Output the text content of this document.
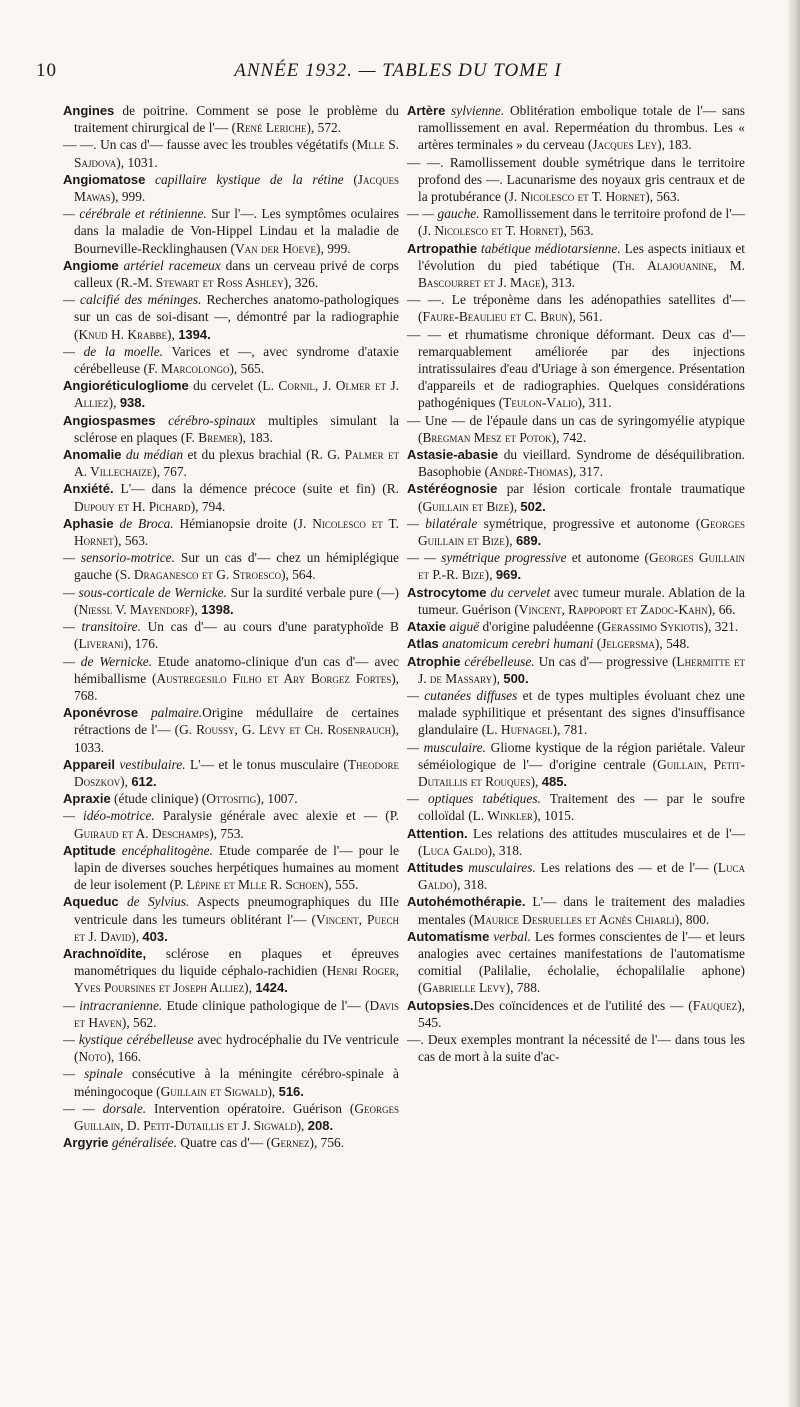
10	ANNÉE 1932. — TABLES DU TOME I
Angines de poitrine. Comment se pose le problème du traitement chirurgical de l'— (René Leriche), 572.
— —. Un cas d'— fausse avec les troubles végétatifs (Mlle S. Sajdova), 1031.
Angiomatose capillaire kystique de la rétine (Jacques Mawas), 999.
— cérébrale et rétinienne. Sur l'—. Les symptômes oculaires dans la maladie de Von-Hippel Lindau et la maladie de Bourneville-Recklinghausen (Van der Hoeve), 999.
Angiome artériel racemeux dans un cerveau privé de corps calleux (R.-M. Stewart et Ross Ashley), 326.
— calcifié des méninges. Recherches anatomo-pathologiques sur un cas de soi-disant —, démontré par la radiographie (Knud H. Krabbe), 1394.
— de la moelle. Varices et —, avec syndrome d'ataxie cérébelleuse (F. Marcolongo), 565.
Angioréticulogliome du cervelet (L. Cornil, J. Olmer et J. Alliez), 938.
Angiospasmes cérébro-spinaux multiples simulant la sclérose en plaques (F. Bremer), 183.
Anomalie du médian et du plexus brachial (R. G. Palmer et A. Villechaize), 767.
Anxiété. L'— dans la démence précoce (suite et fin) (R. Dupouy et H. Pichard), 794.
Aphasie de Broca. Hémianopsie droite (J. Nicolesco et T. Hornet), 563.
— sensorio-motrice. Sur un cas d'— chez un hémiplégique gauche (S. Draganesco et G. Stroesco), 564.
— sous-corticale de Wernicke. Sur la surdité verbale pure (—) (Niessl V. Mayendorf), 1398.
— transitoire. Un cas d'— au cours d'une paratyphoïde B (Liverani), 176.
— de Wernicke. Etude anatomo-clinique d'un cas d'— avec hémiballisme (Austregesilo Filho et Ary Borgez Fortes), 768.
Aponévrose palmaire.Origine médullaire de certaines rétractions de l'— (G. Roussy, G. Lévy et Ch. Rosenrauch), 1033.
Appareil vestibulaire. L'— et le tonus musculaire (Theodore Doszkov), 612.
Apraxie (étude clinique) (Ottositig), 1007.
— idéo-motrice. Paralysie générale avec alexie et — (P. Guiraud et A. Deschamps), 753.
Aptitude encéphalitogène. Etude comparée de l'— pour le lapin de diverses souches herpétiques humaines au moment de leur isolement (P. Lépine et Mlle R. Schoen), 555.
Aqueduc de Sylvius. Aspects pneumographiques du IIIe ventricule dans les tumeurs oblitérant l'— (Vincent, Puech et J. David), 403.
Arachnoïdite, sclérose en plaques et épreuves manométriques du liquide céphalo-rachidien (Henri Roger, Yves Poursines et Joseph Alliez), 1424.
— intracranienne. Etude clinique pathologique de l'— (Davis et Haven), 562.
— kystique cérébelleuse avec hydrocéphalie du IVe ventricule (Noto), 166.
— spinale consécutive à la méningite cérébro-spinale à méningocoque (Guillain et Sigwald), 516.
— — dorsale. Intervention opératoire. Guérison (Georges Guillain, D. Petit-Dutaillis et J. Sigwald), 208.
Argyrie généralisée. Quatre cas d'— (Gernez), 756.
Artère sylvienne. Oblitération embolique totale de l'— sans ramollissement en aval. Reperméation du thrombus. Les « artères terminales » du cerveau (Jacques Ley), 183.
— —. Ramollissement double symétrique dans le territoire profond des —. Lacunarisme des noyaux gris centraux et de la protubérance (J. Nicolesco et T. Hornet), 563.
— — gauche. Ramollissement dans le territoire profond de l'— (J. Nicolesco et T. Hornet), 563.
Artropathie tabétique médiotarsienne. Les aspects initiaux et l'évolution du pied tabétique (Th. Alajouanine, M. Bascourret et J. Mage), 313.
— —. Le tréponème dans les adénopathies satellites d'— (Faure-Beaulieu et C. Brun), 561.
— — et rhumatisme chronique déformant. Deux cas d'— remarquablement améliorée par des injections intratissulaires d'eau d'Uriage à son émergence. Présentation d'appareils et de radiographies. Quelques considérations pathogéniques (Teulon-Valio), 311.
— Une — de l'épaule dans un cas de syringomyélie atypique (Bregman Mesz et Potok), 742.
Astasie-abasie du vieillard. Syndrome de déséquilibration. Basophobie (André-Thomas), 317.
Astéréognosie par lésion corticale frontale traumatique (Guillain et Bize), 502.
— bilatérale symétrique, progressive et autonome (Georges Guillain et Bize), 689.
— — symétrique progressive et autonome (Georges Guillain et P.-R. Bize), 969.
Astrocytome du cervelet avec tumeur murale. Ablation de la tumeur. Guérison (Vincent, Rappoport et Zadoc-Kahn), 66.
Ataxie aiguë d'origine paludéenne (Gerassimo Sykiotis), 321.
Atlas anatomicum cerebri humani (Jelgersma), 548.
Atrophie cérébelleuse. Un cas d'— progressive (Lhermitte et J. de Massary), 500.
— cutanées diffuses et de types multiples évoluant chez une malade syphilitique et présentant des signes d'insuffisance glandulaire (L. Hufnagel), 781.
— musculaire. Gliome kystique de la région pariétale. Valeur séméiologique de l'— d'origine centrale (Guillain, Petit-Dutaillis et Rouques), 485.
— optiques tabétiques. Traitement des — par le soufre colloïdal (L. Winkler), 1015.
Attention. Les relations des attitudes musculaires et de l'— (Luca Galdo), 318.
Attitudes musculaires. Les relations des — et de l'— (Luca Galdo), 318.
Autohémothérapie. L'— dans le traitement des maladies mentales (Maurice Desruelles et Agnès Chiarli), 800.
Automatisme verbal. Les formes conscientes de l'— et leurs analogies avec certaines manifestations de l'automatisme comitial (Palilalie, écholalie, échopalilalie aphone) (Gabrielle Levy), 788.
Autopsies.Des coïncidences et de l'utilité des — (Fauquez), 545.
—. Deux exemples montrant la nécessité de l'— dans tous les cas de mort à la suite d'ac-
